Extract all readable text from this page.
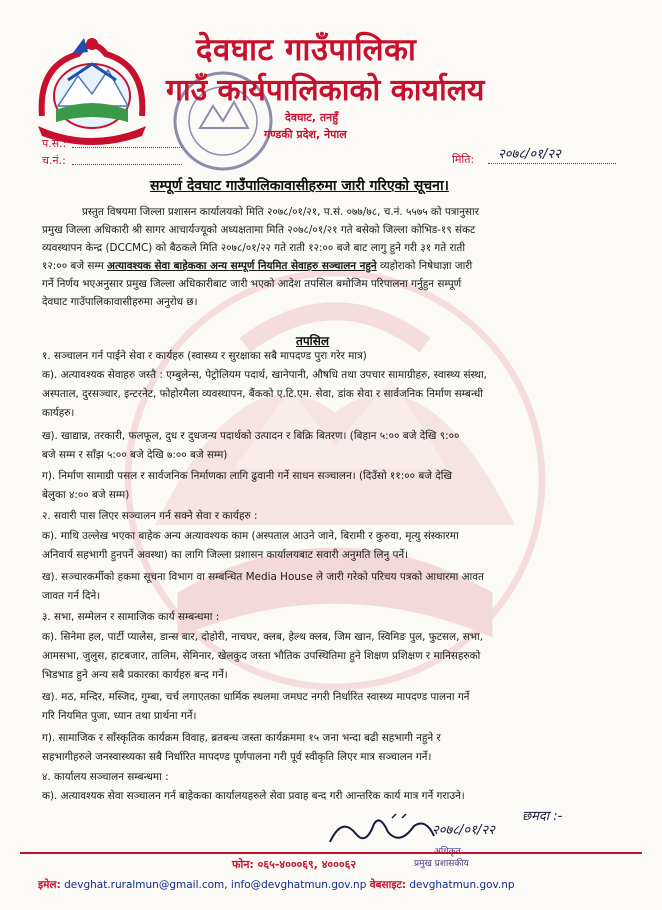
देवघाट गाउँपालिका
गाउँ कार्यपालिकाको कार्यालय
देवघाट, तनहुँ
गण्डकी प्रदेश, नेपाल
प.सं.:
च.नं.:	मिति: २०७८/०१/२२
सम्पूर्ण देवघाट गाउँपालिकावासीहरुमा जारी गरिएको सूचना।
प्रस्तुत विषयमा जिल्ला प्रशासन कार्यालयको मिति २०७८/०१/२१, प.सं. ०७७/७८, च.नं. ५५७५ को पत्रानुसार
प्रमुख जिल्ला अधिकारी श्री सागर आचार्यज्यूको अध्यक्षतामा मिति २०७८/०१/२१ गते बसेको जिल्ला कोभिड-१९ संकट
व्यवस्थापन केन्द्र (DCCMC) को बैठकले मिति २०७८/०१/२२ गते राती १२:०० बजे बाट लागु हुने गरी ३१ गते राती
१२:०० बजे सम्म अत्यावश्यक सेवा बाहेकका अन्य सम्पूर्ण नियमित सेवाहरु सञ्चालन नहुने व्यहोराको निषेधाज्ञा जारी
गर्ने निर्णय भएअनुसार प्रमुख जिल्ला अधिकारीबाट जारी भएको आदेश तपसिल बमोजिम परिपालना गर्नुहुन सम्पूर्ण
देवघाट गाउँपालिकावासीहरुमा अनुरोध छ।
तपसिल
१. सञ्चालन गर्न पाईने सेवा र कार्यहरु (स्वास्थ्य र सुरक्षाका सबै मापदण्ड पुरा गरेर मात्र)
क). अत्यावश्यक सेवाहरु जस्तै : एम्बुलेन्स, पेट्रोलियम पदार्थ, खानेपानी, औषधि तथा उपचार सामाग्रीहरु, स्वास्थ्य संस्था,
अस्पताल, दुरसञ्चार, इन्टरनेट, फोहोरमैला व्यवस्थापन, बैंकको ए.टि.एम. सेवा, डांक सेवा र सार्वजनिक निर्माण सम्बन्धी
कार्यहरु।
ख). खाद्यान्न, तरकारी, फलफूल, दुध र दुधजन्य पदार्थको उत्पादन र बिक्रि बितरण। (बिहान ५:०० बजे देखि ९:००
बजे सम्म र साँझ ५:०० बजे देखि ७:०० बजे सम्म)
ग). निर्माण सामाग्री पसल र सार्वजनिक निर्माणका लागि ढुवानी गर्ने साधन सञ्चालन। (दिउँसो ११:०० बजे देखि
बेलुका ४:०० बजे सम्म)
२. सवारी पास लिएर सञ्चालन गर्न सक्ने सेवा र कार्यहरु :
क). माथि उल्लेख भएका बाहेक अन्य अत्यावश्यक काम (अस्पताल आउने जाने, बिरामी र कुरुवा, मृत्यु संस्कारमा
अनिवार्य सहभागी हुनपर्ने अवस्था) का लागि जिल्ला प्रशासन कार्यालयबाट सवारी अनुमति लिनु पर्ने।
ख). सञ्चारकर्मीको हकमा सूचना विभाग वा सम्बन्धित Media House ले जारी गरेको परिचय पत्रको आधारमा आवत
जावत गर्न दिने।
३. सभा, सम्मेलन र सामाजिक कार्य सम्बन्धमा :
क). सिनेमा हल, पार्टी प्यालेस, डान्स बार, दोहोरी, नाचघर, क्लब, हेल्थ क्लब, जिम खान, स्विमिङ पुल, फुटसल, सभा,
आमसभा, जुलुस, हाटबजार, तालिम, सेमिनार, खेलकुद जस्ता भौतिक उपस्थितिमा हुने शिक्षण प्रशिक्षण र मानिसहरुको
भिडभाड हुने अन्य सबै प्रकारका कार्यहरु बन्द गर्ने।
ख). मठ, मन्दिर, मस्जिद, गुम्बा, चर्च लगाएतका धार्मिक स्थलमा जमघट नगरी निर्धारित स्वास्थ्य मापदण्ड पालना गर्ने
गरि नियमित पुजा, ध्यान तथा प्रार्थना गर्ने।
ग). सामाजिक र साँस्कृतिक कार्यक्रम विवाह, ब्रतबन्ध जस्ता कार्यक्रममा १५ जना भन्दा बढी सहभागी नहुने र
सहभागीहरुले जनस्वास्थ्यका सबै निर्धारित मापदण्ड पूर्णपालना गरी पूर्व स्वीकृति लिएर मात्र सञ्चालन गर्ने।
४. कार्यालय सञ्चालन सम्बन्धमा :
क). अत्यावश्यक सेवा सञ्चालन गर्न बाहेकका कार्यालयहरुले सेवा प्रवाह बन्द गरी आन्तरिक कार्य मात्र गर्ने गराउने।
छमदा :-
२०७८/०१/२२
अधिकृत
प्रमुख प्रशासकीय
फोन: ०६५-४०००६९, ४०००६२
इमेल: devghat.ruralmun@gmail.com, info@devghatmun.gov.np वेबसाइट: devghatmun.gov.np
